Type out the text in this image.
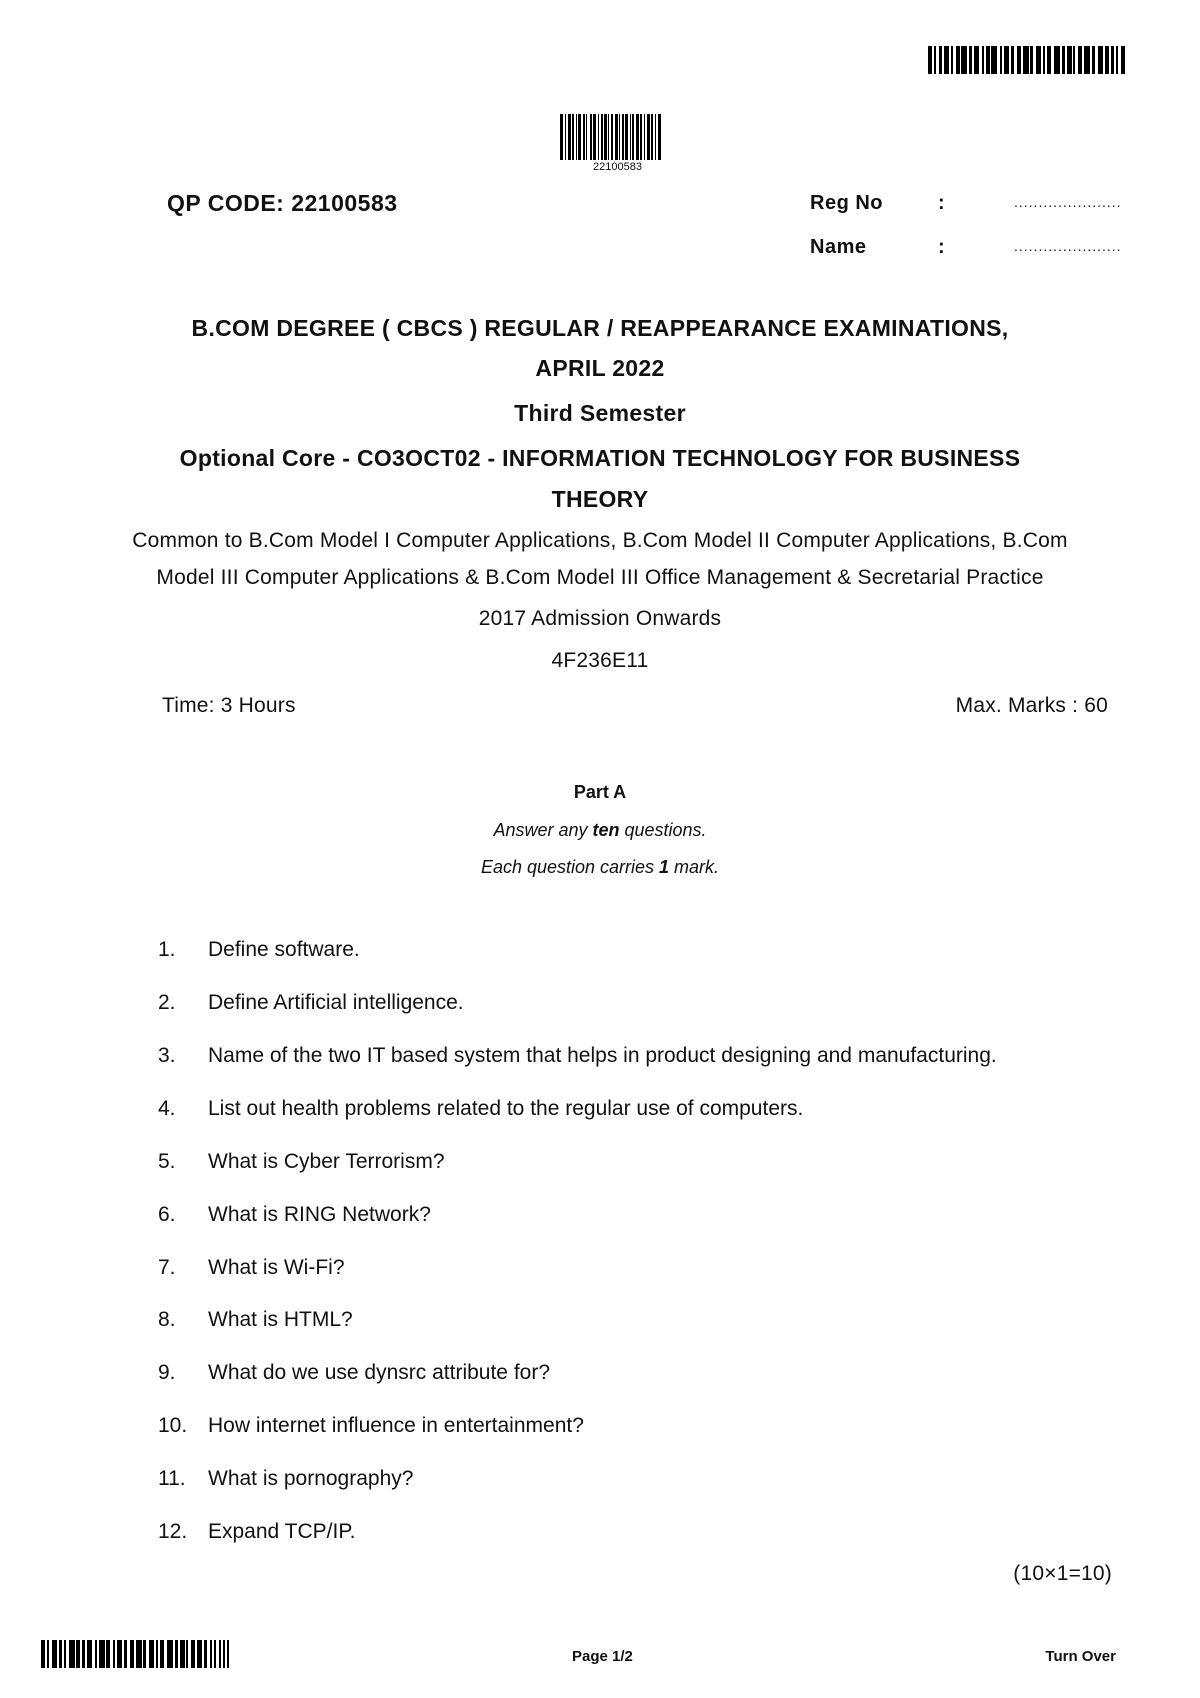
22100583
QP CODE: 22100583	Reg No	:	......................
Name	:	......................
B.COM DEGREE ( CBCS ) REGULAR / REAPPEARANCE EXAMINATIONS,
APRIL 2022
Third Semester
Optional Core - CO3OCT02 - INFORMATION TECHNOLOGY FOR BUSINESS
THEORY
Common to B.Com Model I Computer Applications, B.Com Model II Computer Applications, B.Com
Model III Computer Applications & B.Com Model III Office Management & Secretarial Practice
2017 Admission Onwards
4F236E11
Time: 3 Hours	Max. Marks : 60
Part A
Answer any ten questions.
Each question carries 1 mark.
1.	Define software.
2.	Define Artificial intelligence.
3.	Name of the two IT based system that helps in product designing and manufacturing.
4.	List out health problems related to the regular use of computers.
5.	What is Cyber Terrorism?
6.	What is RING Network?
7.	What is Wi-Fi?
8.	What is HTML?
9.	What do we use dynsrc attribute for?
10. How internet influence in entertainment?
11.	What is pornography?
12. Expand TCP/IP.
(10×1=10)
Page 1/2	Turn Over
